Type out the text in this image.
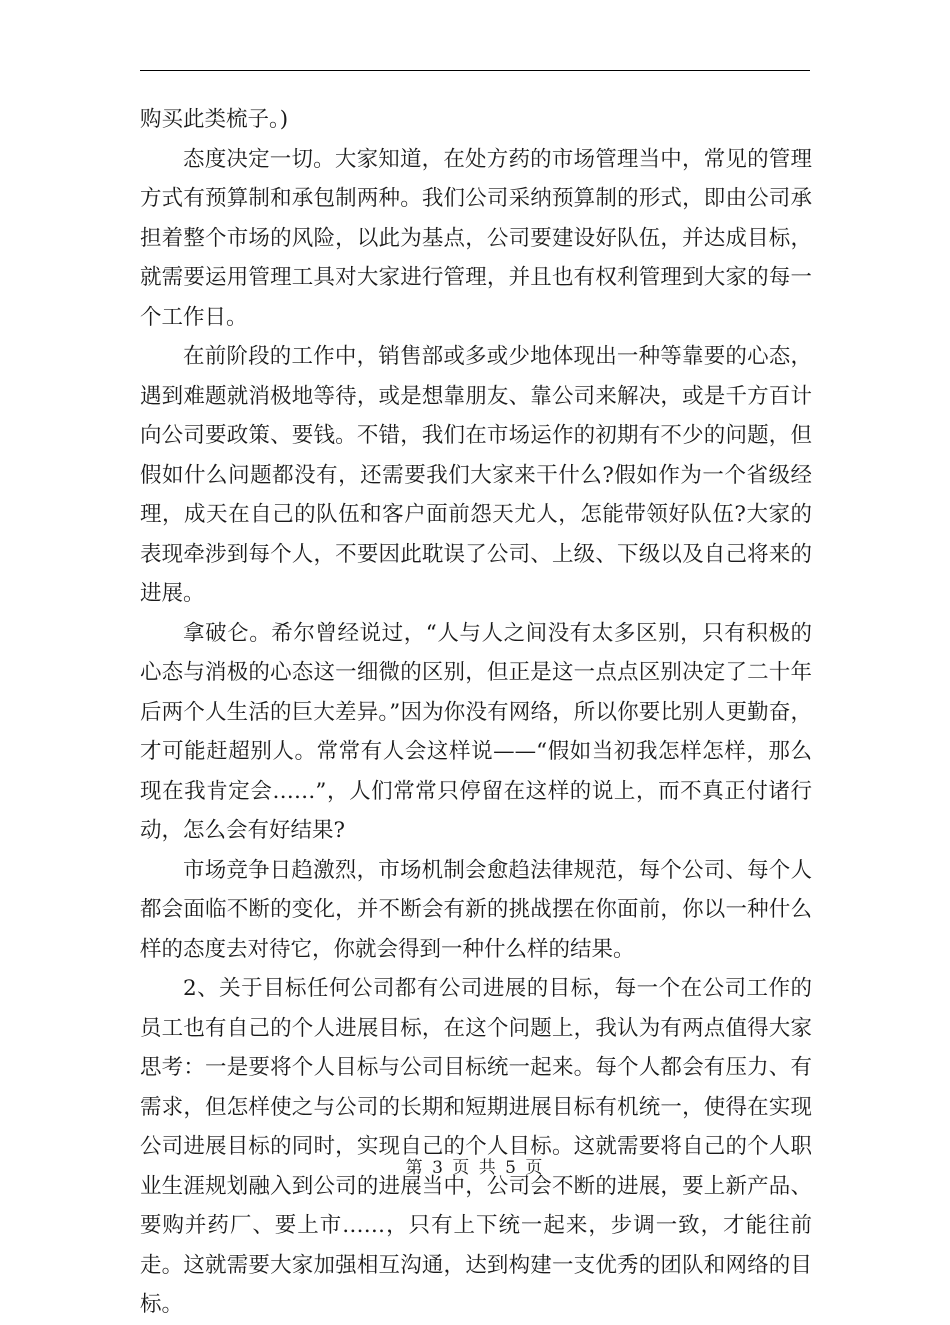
购买此类梳子。)

态度决定一切。大家知道，在处方药的市场管理当中，常见的管理方式有预算制和承包制两种。我们公司采纳预算制的形式，即由公司承担着整个市场的风险，以此为基点，公司要建设好队伍，并达成目标，就需要运用管理工具对大家进行管理，并且也有权利管理到大家的每一个工作日。

在前阶段的工作中，销售部或多或少地体现出一种等靠要的心态，遇到难题就消极地等待，或是想靠朋友、靠公司来解决，或是千方百计向公司要政策、要钱。不错，我们在市场运作的初期有不少的问题，但假如什么问题都没有，还需要我们大家来干什么?假如作为一个省级经理，成天在自己的队伍和客户面前怨天尤人，怎能带领好队伍?大家的表现牵涉到每个人，不要因此耽误了公司、上级、下级以及自己将来的进展。

拿破仑。希尔曾经说过，“人与人之间没有太多区别，只有积极的心态与消极的心态这一细微的区别，但正是这一点点区别决定了二十年后两个人生活的巨大差异。”因为你没有网络，所以你要比别人更勤奋，才可能赶超别人。常常有人会这样说——“假如当初我怎样怎样，那么现在我肯定会……”，人们常常只停留在这样的说上，而不真正付诸行动，怎么会有好结果?

市场竞争日趋激烈，市场机制会愈趋法律规范，每个公司、每个人都会面临不断的变化，并不断会有新的挑战摆在你面前，你以一种什么样的态度去对待它，你就会得到一种什么样的结果。

2、关于目标任何公司都有公司进展的目标，每一个在公司工作的员工也有自己的个人进展目标，在这个问题上，我认为有两点值得大家思考：一是要将个人目标与公司目标统一起来。每个人都会有压力、有需求，但怎样使之与公司的长期和短期进展目标有机统一，使得在实现公司进展目标的同时，实现自己的个人目标。这就需要将自己的个人职业生涯规划融入到公司的进展当中，公司会不断的进展，要上新产品、要购并药厂、要上市……，只有上下统一起来，步调一致，才能往前走。这就需要大家加强相互沟通，达到构建一支优秀的团队和网络的目标。

第 3 页 共 5 页
